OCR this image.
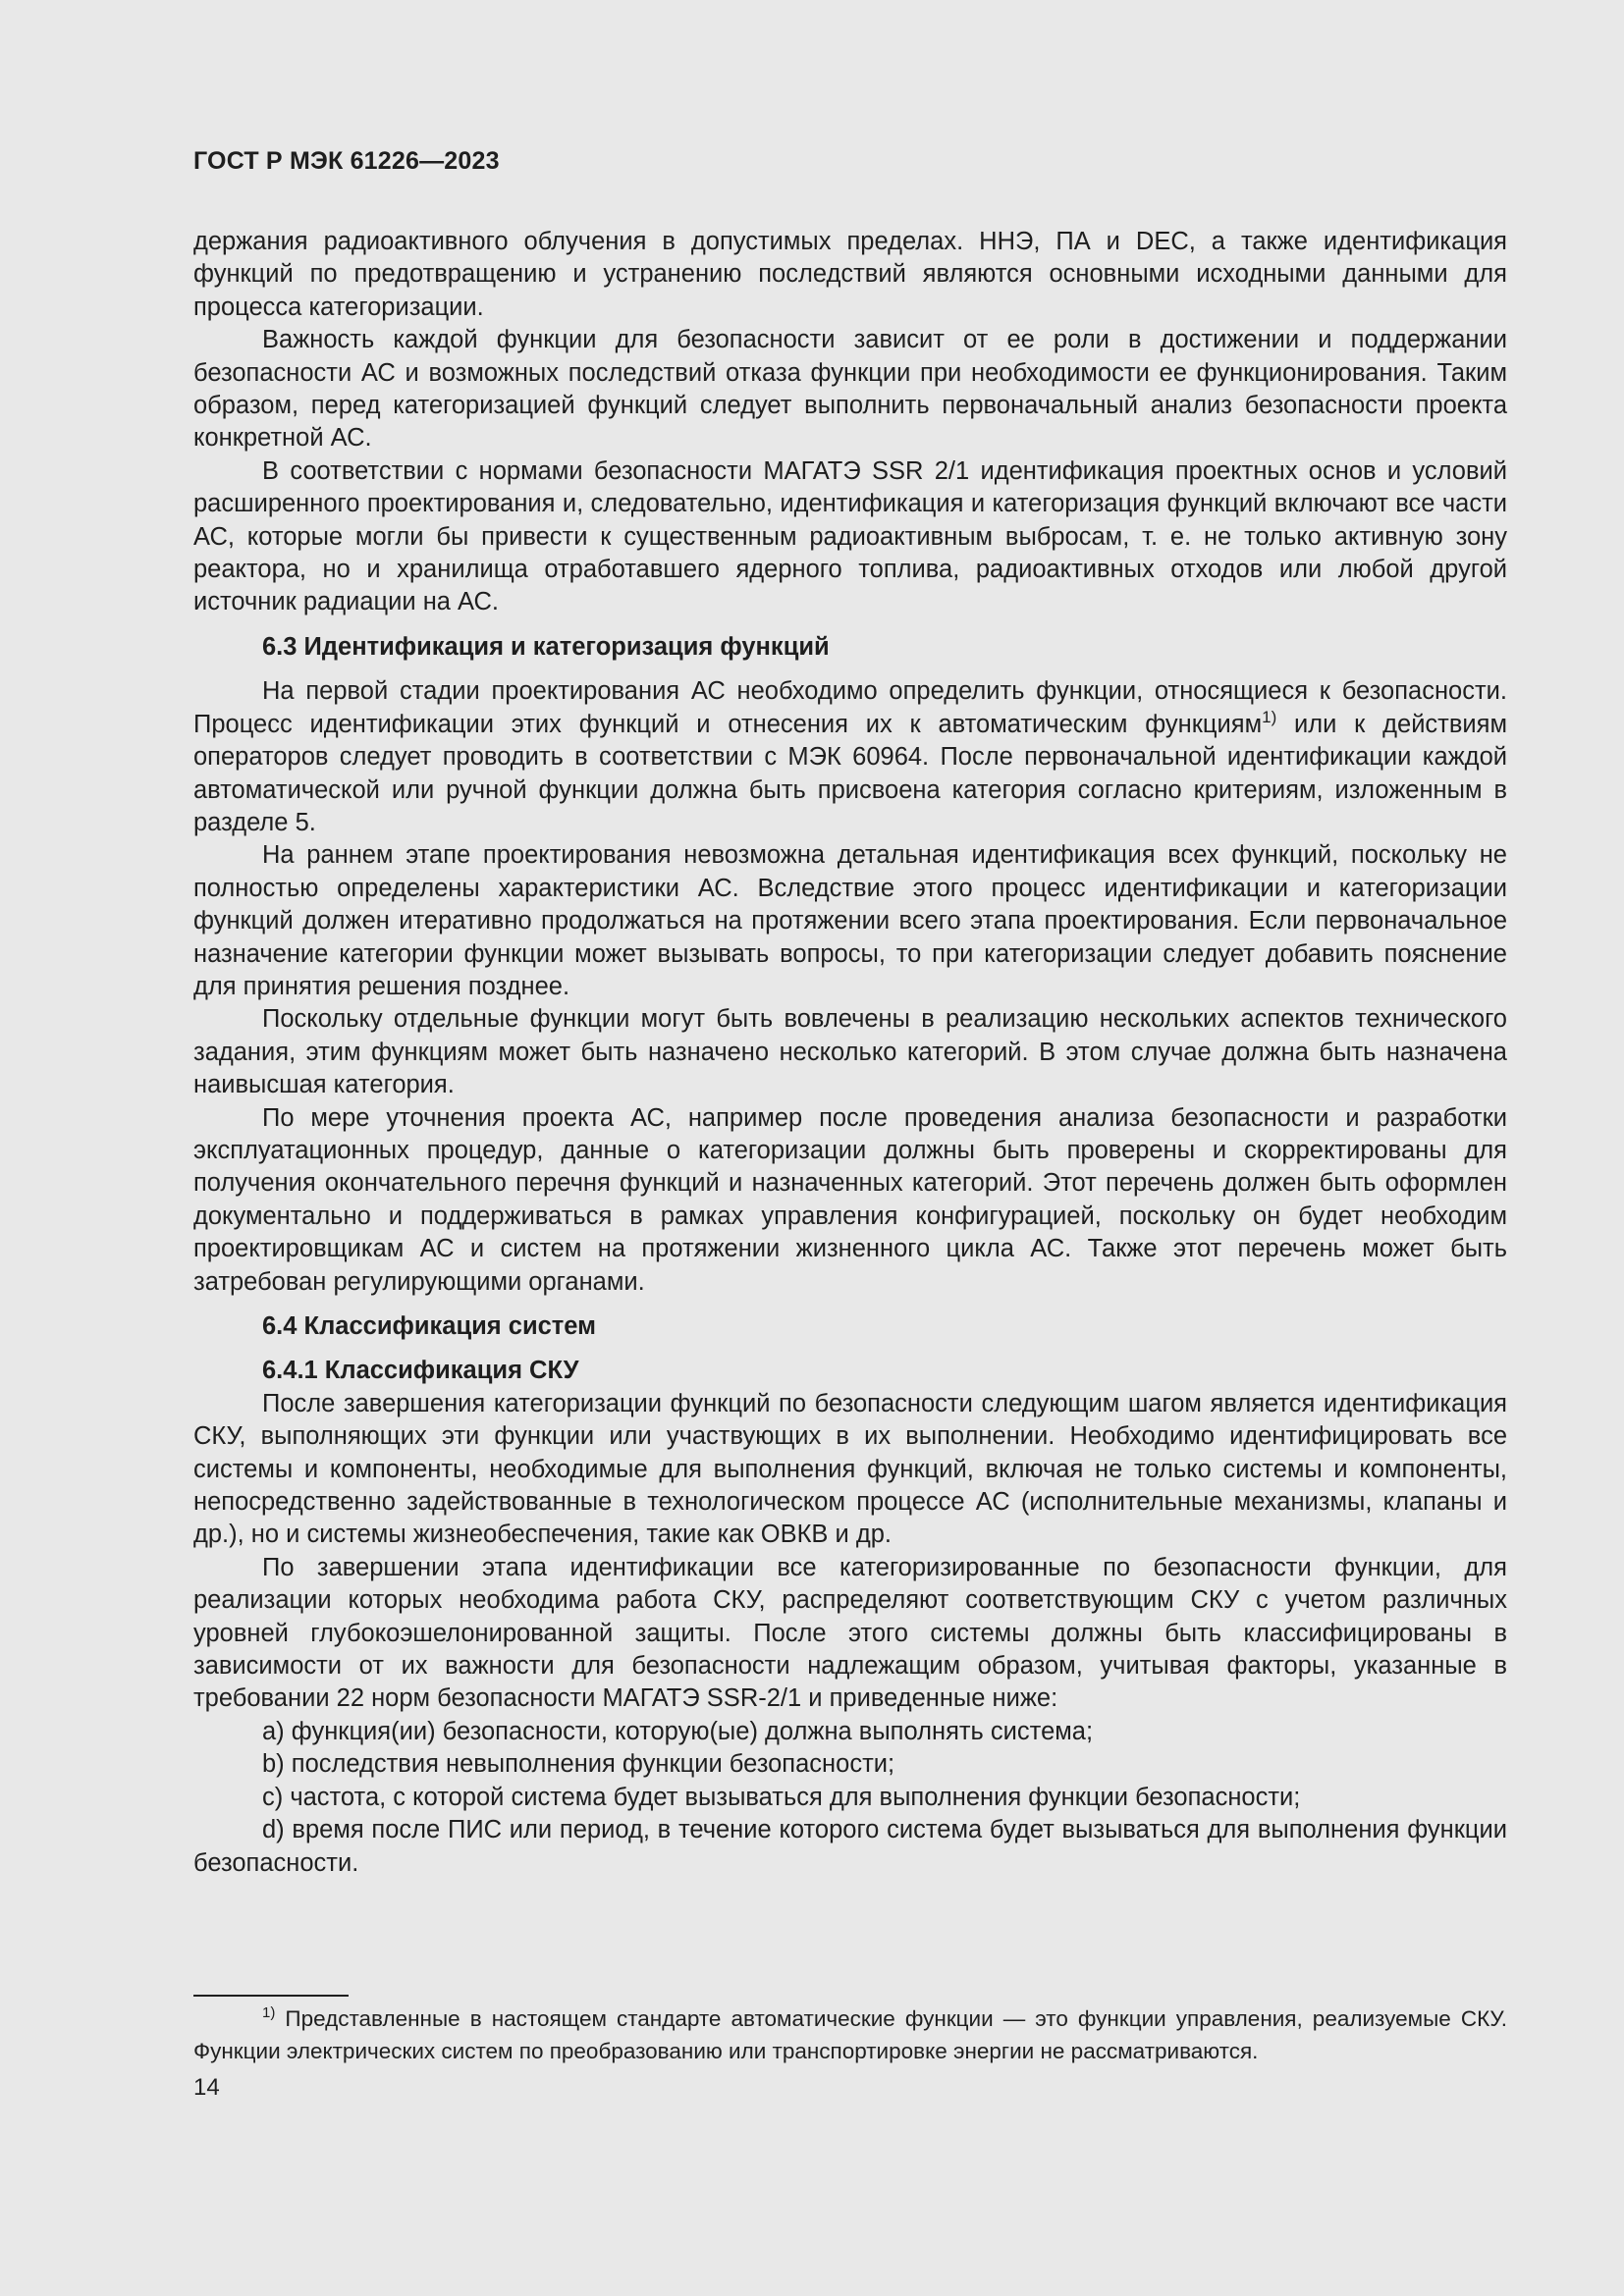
ГОСТ Р МЭК 61226—2023

держания радиоактивного облучения в допустимых пределах. ННЭ, ПА и DEC, а также идентификация функций по предотвращению и устранению последствий являются основными исходными данными для процесса категоризации.

Важность каждой функции для безопасности зависит от ее роли в достижении и поддержании безопасности АС и возможных последствий отказа функции при необходимости ее функционирования. Таким образом, перед категоризацией функций следует выполнить первоначальный анализ безопасности проекта конкретной АС.

В соответствии с нормами безопасности МАГАТЭ SSR 2/1 идентификация проектных основ и условий расширенного проектирования и, следовательно, идентификация и категоризация функций включают все части АС, которые могли бы привести к существенным радиоактивным выбросам, т. е. не только активную зону реактора, но и хранилища отработавшего ядерного топлива, радиоактивных отходов или любой другой источник радиации на АС.

6.3 Идентификация и категоризация функций

На первой стадии проектирования АС необходимо определить функции, относящиеся к безопасности. Процесс идентификации этих функций и отнесения их к автоматическим функциям$^{1)}$ или к действиям операторов следует проводить в соответствии с МЭК 60964. После первоначальной идентификации каждой автоматической или ручной функции должна быть присвоена категория согласно критериям, изложенным в разделе 5.

На раннем этапе проектирования невозможна детальная идентификация всех функций, поскольку не полностью определены характеристики АС. Вследствие этого процесс идентификации и категоризации функций должен итеративно продолжаться на протяжении всего этапа проектирования. Если первоначальное назначение категории функции может вызывать вопросы, то при категоризации следует добавить пояснение для принятия решения позднее.

Поскольку отдельные функции могут быть вовлечены в реализацию нескольких аспектов технического задания, этим функциям может быть назначено несколько категорий. В этом случае должна быть назначена наивысшая категория.

По мере уточнения проекта АС, например после проведения анализа безопасности и разработки эксплуатационных процедур, данные о категоризации должны быть проверены и скорректированы для получения окончательного перечня функций и назначенных категорий. Этот перечень должен быть оформлен документально и поддерживаться в рамках управления конфигурацией, поскольку он будет необходим проектировщикам АС и систем на протяжении жизненного цикла АС. Также этот перечень может быть затребован регулирующими органами.

6.4 Классификация систем

6.4.1 Классификация СКУ

После завершения категоризации функций по безопасности следующим шагом является идентификация СКУ, выполняющих эти функции или участвующих в их выполнении. Необходимо идентифицировать все системы и компоненты, необходимые для выполнения функций, включая не только системы и компоненты, непосредственно задействованные в технологическом процессе АС (исполнительные механизмы, клапаны и др.), но и системы жизнеобеспечения, такие как ОВКВ и др.

По завершении этапа идентификации все категоризированные по безопасности функции, для реализации которых необходима работа СКУ, распределяют соответствующим СКУ с учетом различных уровней глубокоэшелонированной защиты. После этого системы должны быть классифицированы в зависимости от их важности для безопасности надлежащим образом, учитывая факторы, указанные в требовании 22 норм безопасности МАГАТЭ SSR-2/1 и приведенные ниже:

a) функция(ии) безопасности, которую(ые) должна выполнять система;

b) последствия невыполнения функции безопасности;

c) частота, с которой система будет вызываться для выполнения функции безопасности;

d) время после ПИС или период, в течение которого система будет вызываться для выполнения функции безопасности.

$^{1)}$ Представленные в настоящем стандарте автоматические функции — это функции управления, реализуемые СКУ. Функции электрических систем по преобразованию или транспортировке энергии не рассматриваются.
14
